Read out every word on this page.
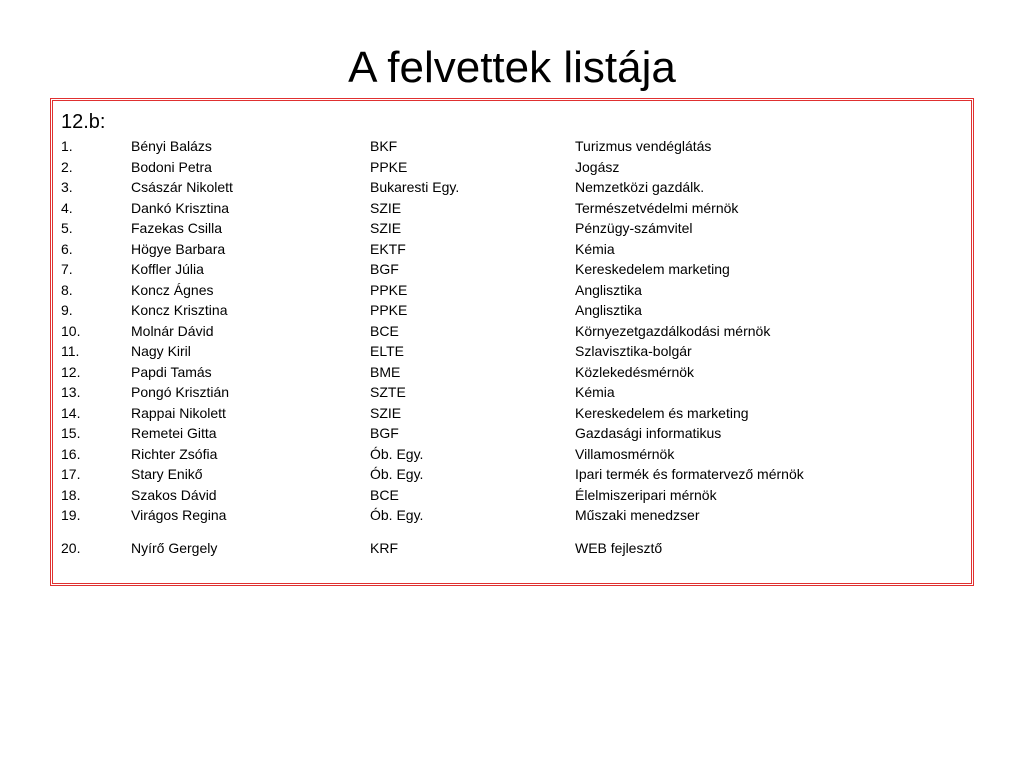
A felvettek listája
12.b:
1.	Bényi Balázs	BKF	Turizmus vendéglátás
2.	Bodoni Petra	PPKE	Jogász
3.	Császár Nikolett	Bukaresti Egy.	Nemzetközi gazdálk.
4.	Dankó Krisztina	SZIE	Természetvédelmi mérnök
5.	Fazekas Csilla	SZIE	Pénzügy-számvitel
6.	Högye Barbara	EKTF	Kémia
7.	Koffler Júlia	BGF	Kereskedelem marketing
8.	Koncz Ágnes	PPKE	Anglisztika
9.	Koncz Krisztina	PPKE	Anglisztika
10.	Molnár Dávid	BCE	Környezetgazdálkodási mérnök
11.	Nagy Kiril	ELTE	Szlavisztika-bolgár
12.	Papdi Tamás	BME	Közlekedésmérnök
13.	Pongó Krisztián	SZTE	Kémia
14.	Rappai Nikolett	SZIE	Kereskedelem és marketing
15.	Remetei Gitta	BGF	Gazdasági informatikus
16.	Richter Zsófia	Ób. Egy.	Villamosmérnök
17.	Stary Enikő	Ób. Egy.	Ipari termék és formatervező mérnök
18.	Szakos Dávid	BCE	Élelmiszeripari mérnök
19.	Virágos Regina	Ób. Egy.	Műszaki menedzser
20.	Nyírő Gergely	KRF	WEB fejlesztő
